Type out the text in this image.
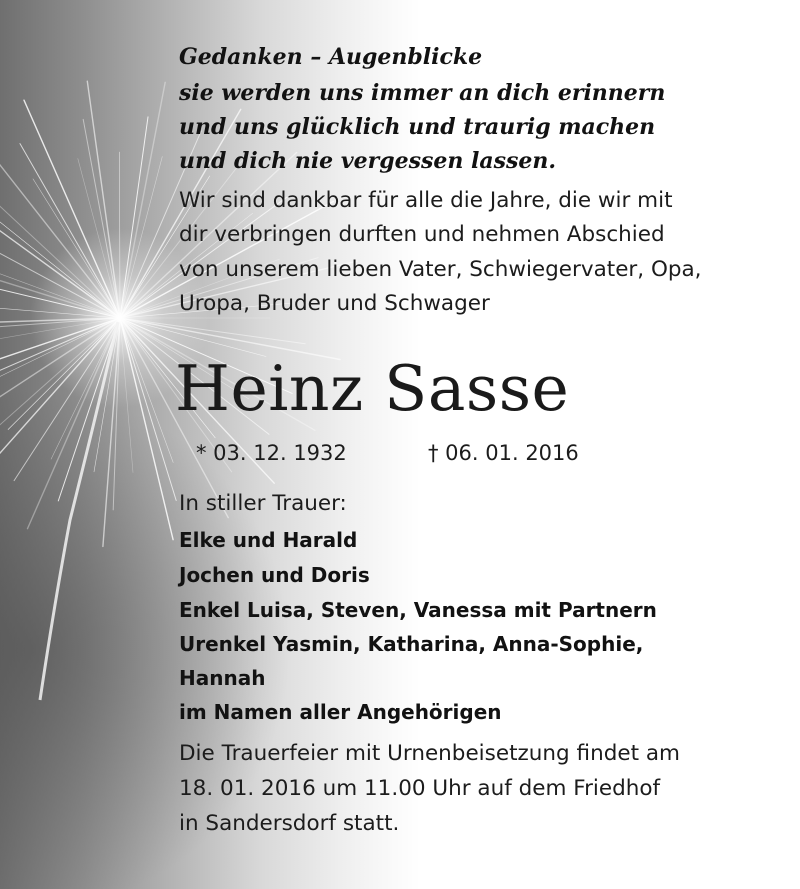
Gedanken – Augenblicke

sie werden uns immer an dich erinnern

und uns glücklich und traurig machen

und dich nie vergessen lassen.

Wir sind dankbar für alle die Jahre, die wir mit

dir verbringen durften und nehmen Abschied

von unserem lieben Vater, Schwiegervater, Opa,

Uropa, Bruder und Schwager

Heinz Sasse
* 03. 12. 1932	† 06. 01. 2016

In stiller Trauer:

Elke und Harald

Jochen und Doris

Enkel Luisa, Steven, Vanessa mit Partnern

Urenkel Yasmin, Katharina, Anna-Sophie,

Hannah

im Namen aller Angehörigen

Die Trauerfeier mit Urnenbeisetzung findet am

18. 01. 2016 um 11.00 Uhr auf dem Friedhof

in Sandersdorf statt.
